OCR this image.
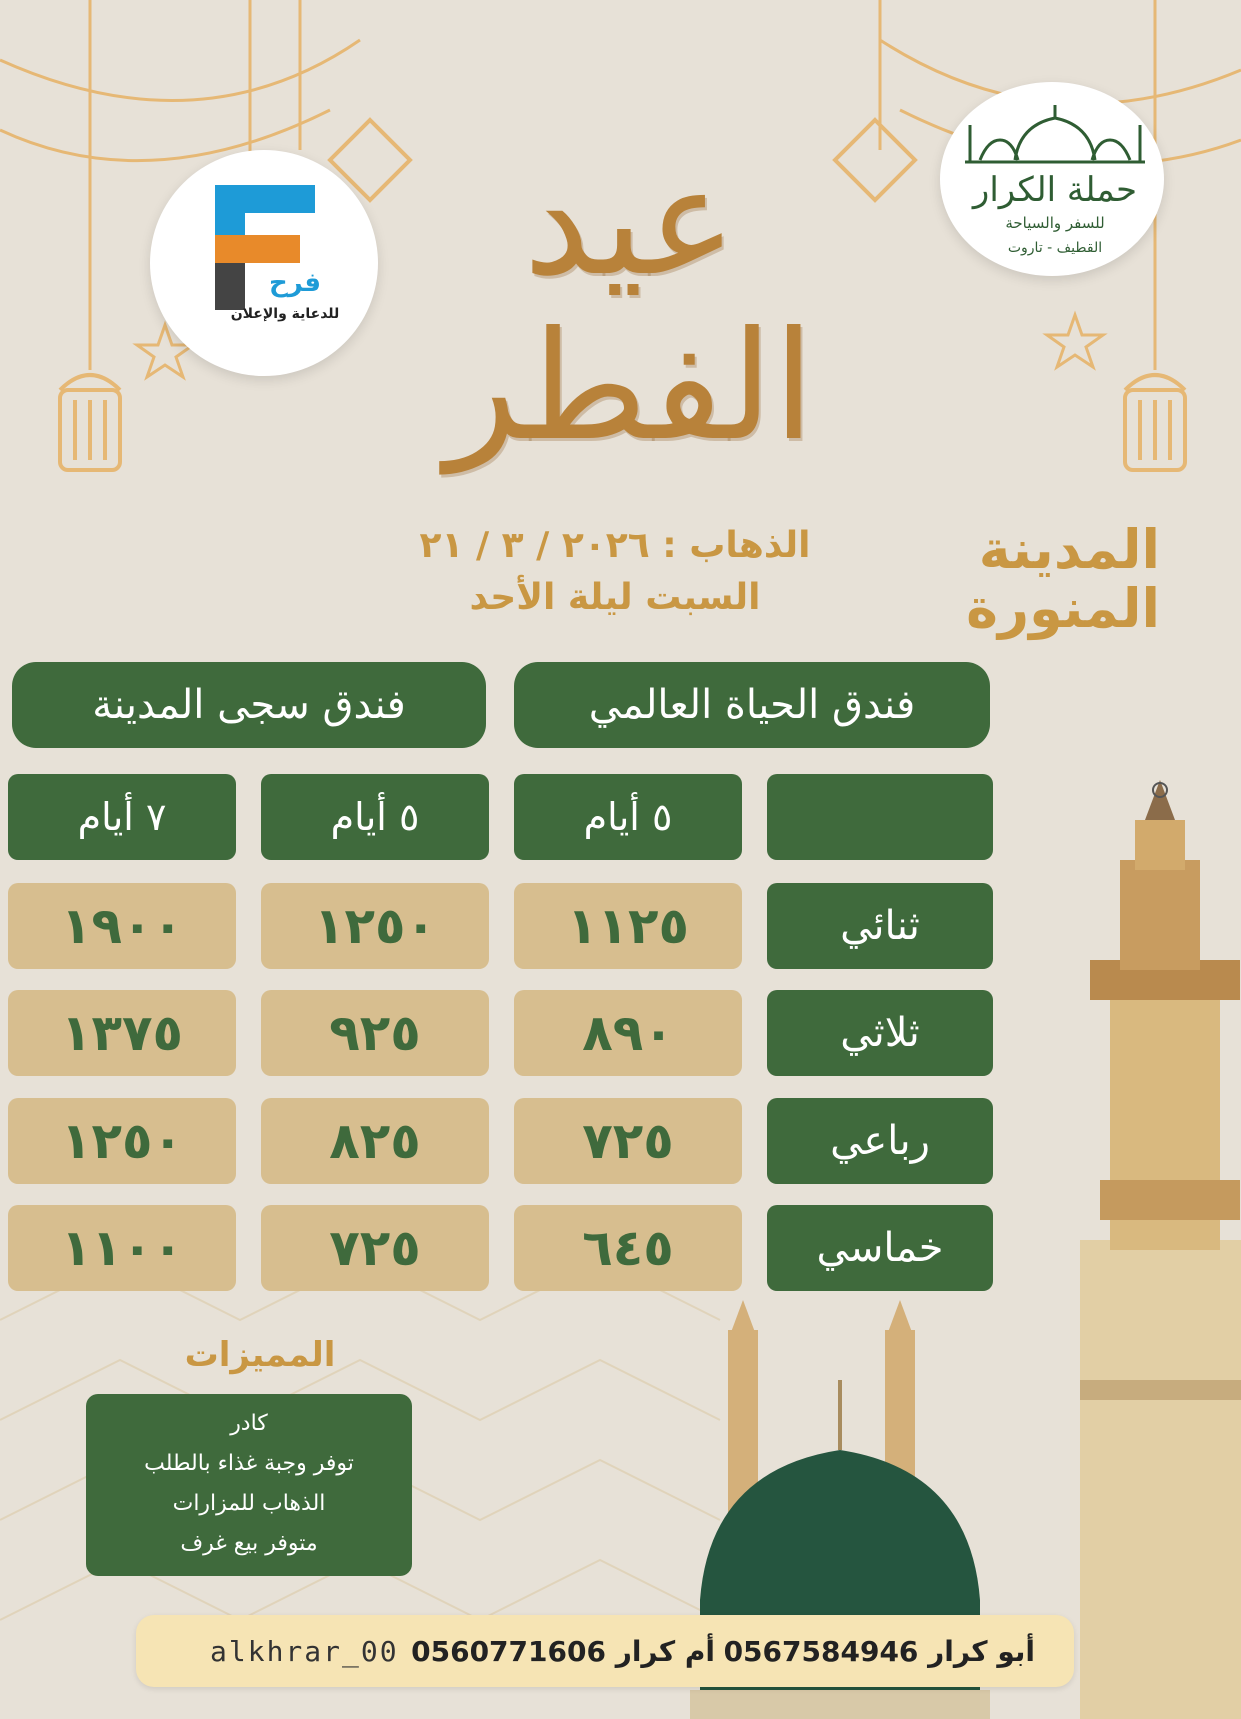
حملة الكرار
للسفر والسياحة
القطيف - تاروت
فرح
للدعاية والإعلان
عيد الفطر
المدينة
المنورة
الذهاب : ٢٠٢٦ / ٣ / ٢١
السبت ليلة الأحد
فندق الحياة العالمي
فندق سجى المدينة
٥ أيام
٥ أيام
٧ أيام
ثنائي
١١٢٥
١٢٥٠
١٩٠٠
ثلاثي
٨٩٠
٩٢٥
١٣٧٥
رباعي
٧٢٥
٨٢٥
١٢٥٠
خماسي
٦٤٥
٧٢٥
١١٠٠
المميزات
كادر
توفر وجبة غذاء بالطلب
الذهاب للمزارات
متوفر بيع غرف
أبو كرار 0567584946
أم كرار 0560771606
alkhrar_00
